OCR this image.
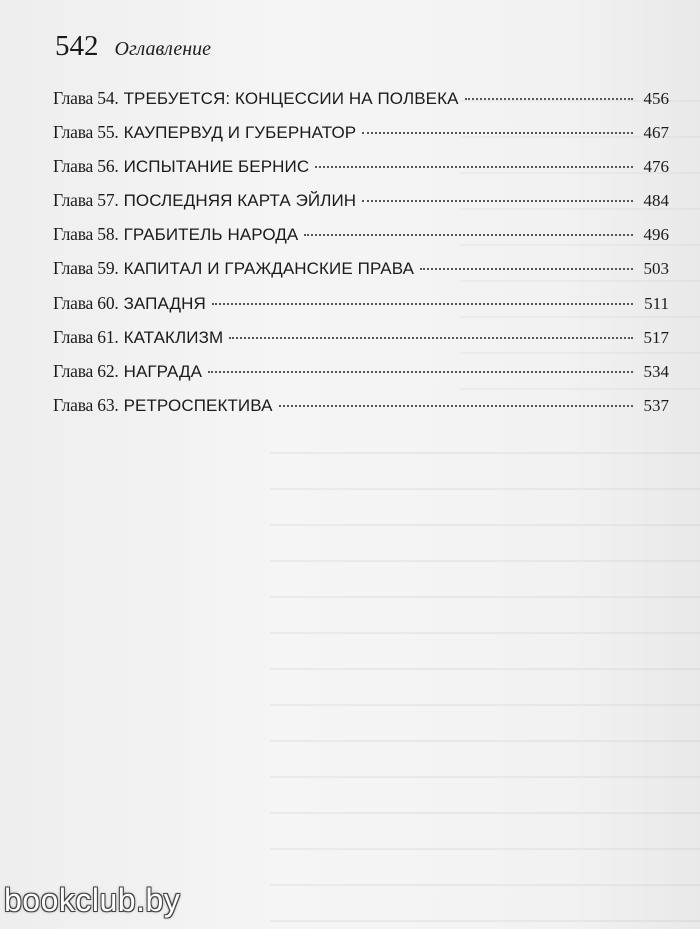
542 Оглавление
Глава 54. ТРЕБУЕТСЯ: КОНЦЕССИИ НА ПОЛВЕКА	456
Глава 55. КАУПЕРВУД И ГУБЕРНАТОР	467
Глава 56. ИСПЫТАНИЕ БЕРНИС	476
Глава 57. ПОСЛЕДНЯЯ КАРТА ЭЙЛИН	484
Глава 58. ГРАБИТЕЛЬ НАРОДА	496
Глава 59. КАПИТАЛ И ГРАЖДАНСКИЕ ПРАВА	503
Глава 60. ЗАПАДНЯ	511
Глава 61. КАТАКЛИЗМ	517
Глава 62. НАГРАДА	534
Глава 63. РЕТРОСПЕКТИВА	537
bookclub.by
